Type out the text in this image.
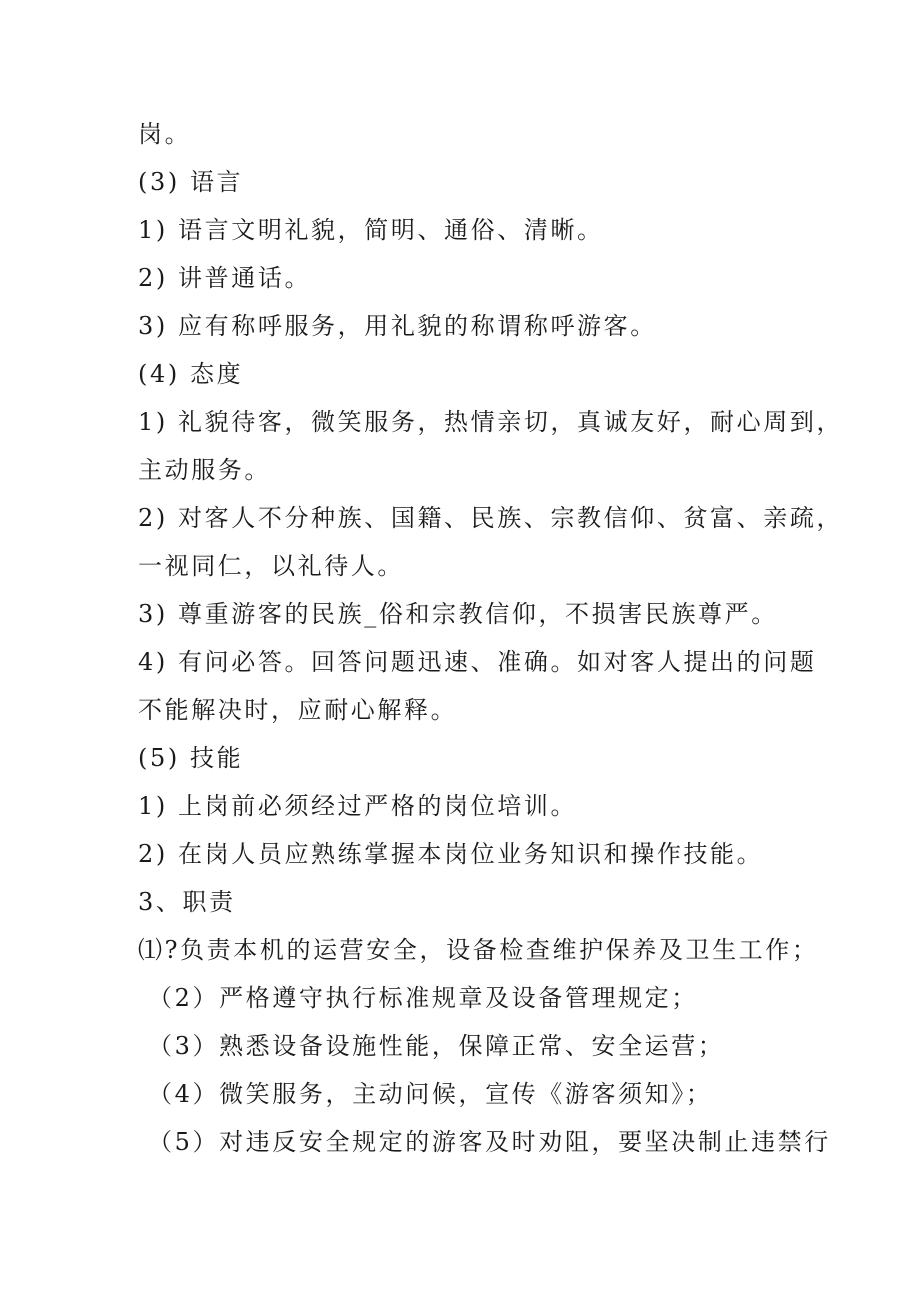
岗。
(3) 语言
1) 语言文明礼貌，简明、通俗、清晰。
2) 讲普通话。
3) 应有称呼服务，用礼貌的称谓称呼游客。
(4) 态度
1) 礼貌待客，微笑服务，热情亲切，真诚友好，耐心周到，
主动服务。
2) 对客人不分种族、国籍、民族、宗教信仰、贫富、亲疏，
一视同仁，以礼待人。
3) 尊重游客的民族_俗和宗教信仰，不损害民族尊严。
4) 有问必答。回答问题迅速、准确。如对客人提出的问题
不能解决时，应耐心解释。
(5) 技能
1) 上岗前必须经过严格的岗位培训。
2) 在岗人员应熟练掌握本岗位业务知识和操作技能。
3、职责
⑴?负责本机的运营安全，设备检查维护保养及卫生工作；
（2）严格遵守执行标准规章及设备管理规定；
（3）熟悉设备设施性能，保障正常、安全运营；
（4）微笑服务，主动问候，宣传《游客须知》；
（5）对违反安全规定的游客及时劝阻，要坚决制止违禁行
